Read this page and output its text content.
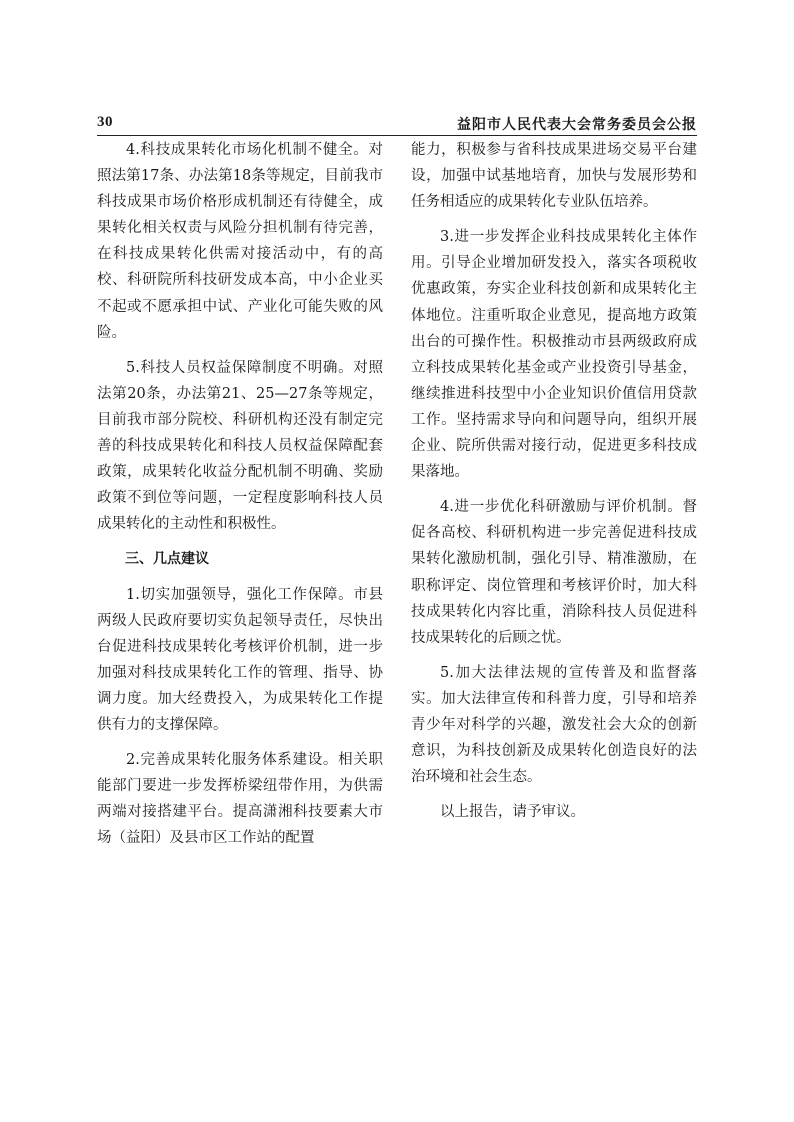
30	益阳市人民代表大会常务委员会公报

4.科技成果转化市场化机制不健全。对照法第17条、办法第18条等规定，目前我市科技成果市场价格形成机制还有待健全，成果转化相关权责与风险分担机制有待完善，在科技成果转化供需对接活动中，有的高校、科研院所科技研发成本高，中小企业买不起或不愿承担中试、产业化可能失败的风险。

5.科技人员权益保障制度不明确。对照法第20条，办法第21、25—27条等规定，目前我市部分院校、科研机构还没有制定完善的科技成果转化和科技人员权益保障配套政策，成果转化收益分配机制不明确、奖励政策不到位等问题，一定程度影响科技人员成果转化的主动性和积极性。

三、几点建议

1.切实加强领导，强化工作保障。市县两级人民政府要切实负起领导责任，尽快出台促进科技成果转化考核评价机制，进一步加强对科技成果转化工作的管理、指导、协调力度。加大经费投入，为成果转化工作提供有力的支撑保障。

2.完善成果转化服务体系建设。相关职能部门要进一步发挥桥梁纽带作用，为供需两端对接搭建平台。提高潇湘科技要素大市场（益阳）及县市区工作站的配置

能力，积极参与省科技成果进场交易平台建设，加强中试基地培育，加快与发展形势和任务相适应的成果转化专业队伍培养。

3.进一步发挥企业科技成果转化主体作用。引导企业增加研发投入，落实各项税收优惠政策，夯实企业科技创新和成果转化主体地位。注重听取企业意见，提高地方政策出台的可操作性。积极推动市县两级政府成立科技成果转化基金或产业投资引导基金，继续推进科技型中小企业知识价值信用贷款工作。坚持需求导向和问题导向，组织开展企业、院所供需对接行动，促进更多科技成果落地。

4.进一步优化科研激励与评价机制。督促各高校、科研机构进一步完善促进科技成果转化激励机制，强化引导、精准激励，在职称评定、岗位管理和考核评价时，加大科技成果转化内容比重，消除科技人员促进科技成果转化的后顾之忧。

5.加大法律法规的宣传普及和监督落实。加大法律宣传和科普力度，引导和培养青少年对科学的兴趣，激发社会大众的创新意识，为科技创新及成果转化创造良好的法治环境和社会生态。

以上报告，请予审议。
